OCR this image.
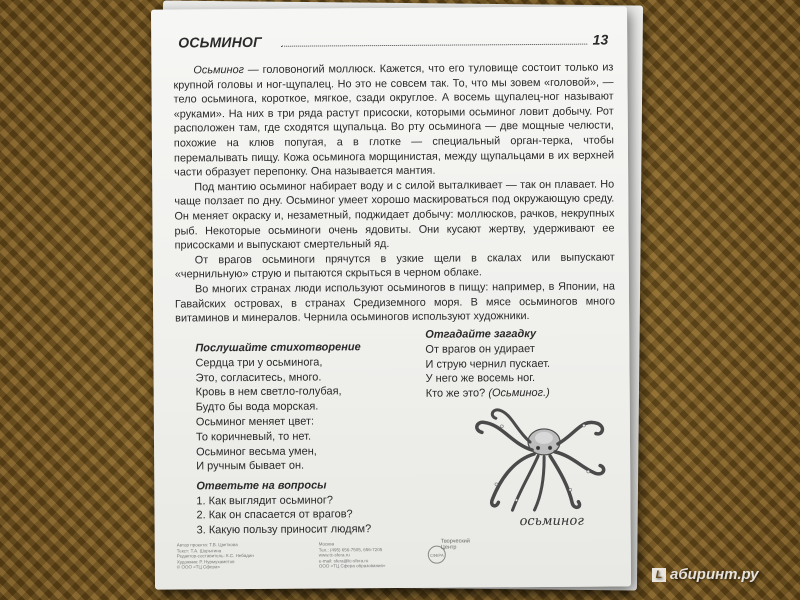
ОСЬМИНОГ	13

Осьминог — головоногий моллюск. Кажется, что его туловище состоит только из крупной головы и ног-щупалец. Но это не совсем так. То, что мы зовем «головой», — тело осьминога, короткое, мягкое, сзади округлое. А восемь щупалец-ног называют «руками». На них в три ряда растут присоски, которыми осьминог ловит добычу. Рот расположен там, где сходятся щупальца. Во рту осьминога — две мощные челюсти, похожие на клюв попугая, а в глотке — специальный орган-терка, чтобы перемалывать пищу. Кожа осьминога морщинистая, между щупальцами в их верхней части образует перепонку. Она называется мантия.

Под мантию осьминог набирает воду и с силой выталкивает — так он плавает. Но чаще ползает по дну. Осьминог умеет хорошо маскироваться под окружающую среду. Он меняет окраску и, незаметный, поджидает добычу: моллюсков, рачков, некрупных рыб. Некоторые осьминоги очень ядовиты. Они кусают жертву, удерживают ее присосками и выпускают смертельный яд.

От врагов осьминоги прячутся в узкие щели в скалах или выпускают «чернильную» струю и пытаются скрыться в черном облаке.

Во многих странах люди используют осьминогов в пищу: например, в Японии, на Гавайских островах, в странах Средиземного моря. В мясе осьминогов много витаминов и минералов. Чернила осьминогов используют художники.

Послушайте стихотворение
Сердца три у осьминога,
Это, согласитесь, много.
Кровь в нем светло-голубая,
Будто бы вода морская.
Осьминог меняет цвет:
То коричневый, то нет.
Осьминог весьма умен,
И ручным бывает он.
Отгадайте загадку
От врагов он удирает
И струю чернил пускает.
У него же восемь ног.
Кто же это? (Осьминог.)
Ответьте на вопросы
1. Как выглядит осьминог?
2. Как он спасается от врагов?
3. Какую пользу приносит людям?
осьминог
Автор проекта: Т.В. Цветкова
Текст: Т.А. Шорыгина
Редактор-составитель: К.С. Небадин
Художник: Р. Нурмухаметов
© ООО «ТЦ Сфера»
Москва
Тел.: (495) 656-7505, 656-7205
www.tc-sfera.ru
e-mail: sfera@tc-sfera.ru
ООО «ТЦ Сфера образования»
СФЕРА
Творческий
Центр
L абиринт.ру
